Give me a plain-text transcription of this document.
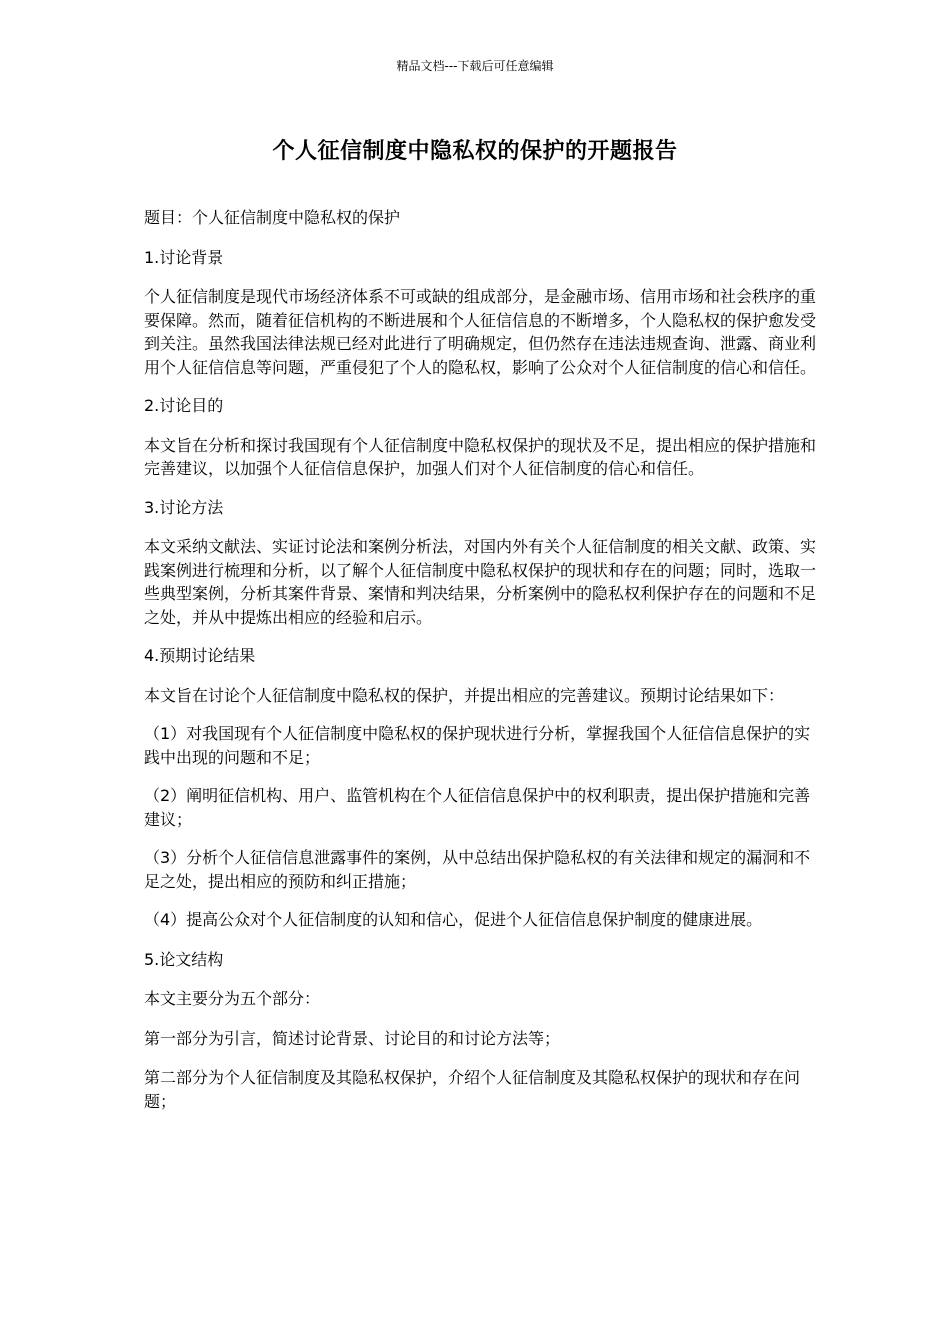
精品文档---下载后可任意编辑
个人征信制度中隐私权的保护的开题报告

题目：个人征信制度中隐私权的保护

1.讨论背景

个人征信制度是现代市场经济体系不可或缺的组成部分，是金融市场、信用市场和社会秩序的重要保障。然而，随着征信机构的不断进展和个人征信信息的不断增多，个人隐私权的保护愈发受到关注。虽然我国法律法规已经对此进行了明确规定，但仍然存在违法违规查询、泄露、商业利用个人征信信息等问题，严重侵犯了个人的隐私权，影响了公众对个人征信制度的信心和信任。

2.讨论目的

本文旨在分析和探讨我国现有个人征信制度中隐私权保护的现状及不足，提出相应的保护措施和完善建议，以加强个人征信信息保护，加强人们对个人征信制度的信心和信任。

3.讨论方法

本文采纳文献法、实证讨论法和案例分析法，对国内外有关个人征信制度的相关文献、政策、实践案例进行梳理和分析，以了解个人征信制度中隐私权保护的现状和存在的问题；同时，选取一些典型案例，分析其案件背景、案情和判决结果，分析案例中的隐私权利保护存在的问题和不足之处，并从中提炼出相应的经验和启示。

4.预期讨论结果

本文旨在讨论个人征信制度中隐私权的保护，并提出相应的完善建议。预期讨论结果如下：

（1）对我国现有个人征信制度中隐私权的保护现状进行分析，掌握我国个人征信信息保护的实践中出现的问题和不足；

（2）阐明征信机构、用户、监管机构在个人征信信息保护中的权利职责，提出保护措施和完善建议；

（3）分析个人征信信息泄露事件的案例，从中总结出保护隐私权的有关法律和规定的漏洞和不足之处，提出相应的预防和纠正措施；

（4）提高公众对个人征信制度的认知和信心，促进个人征信信息保护制度的健康进展。

5.论文结构

本文主要分为五个部分：

第一部分为引言，简述讨论背景、讨论目的和讨论方法等；

第二部分为个人征信制度及其隐私权保护，介绍个人征信制度及其隐私权保护的现状和存在问题；
